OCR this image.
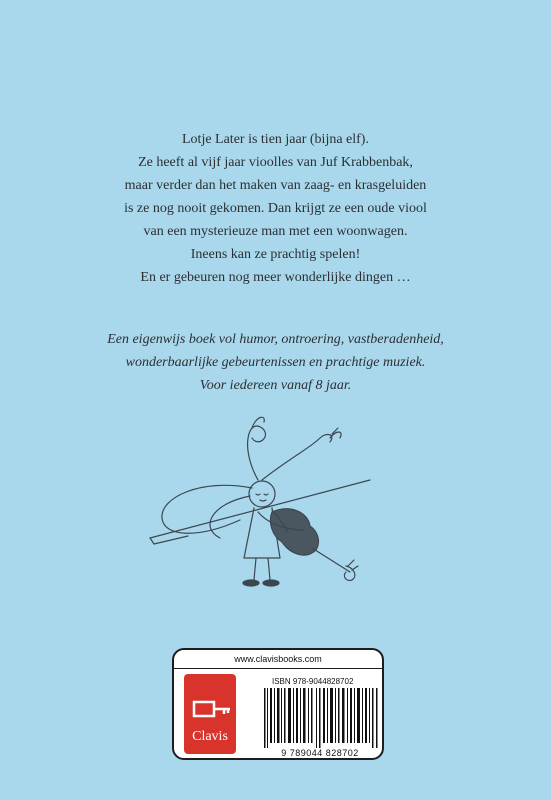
Lotje Later is tien jaar (bijna elf).

Ze heeft al vijf jaar vioolles van Juf Krabbenbak,

maar verder dan het maken van zaag- en krasgeluiden

is ze nog nooit gekomen. Dan krijgt ze een oude viool

van een mysterieuze man met een woonwagen.

Ineens kan ze prachtig spelen!

En er gebeuren nog meer wonderlijke dingen …

Een eigenwijs boek vol humor, ontroering, vastberadenheid,

wonderbaarlijke gebeurtenissen en prachtige muziek.

Voor iedereen vanaf 8 jaar.

www.clavisbooks.com
Clavis
ISBN 978-9044828702
9 789044 828702
